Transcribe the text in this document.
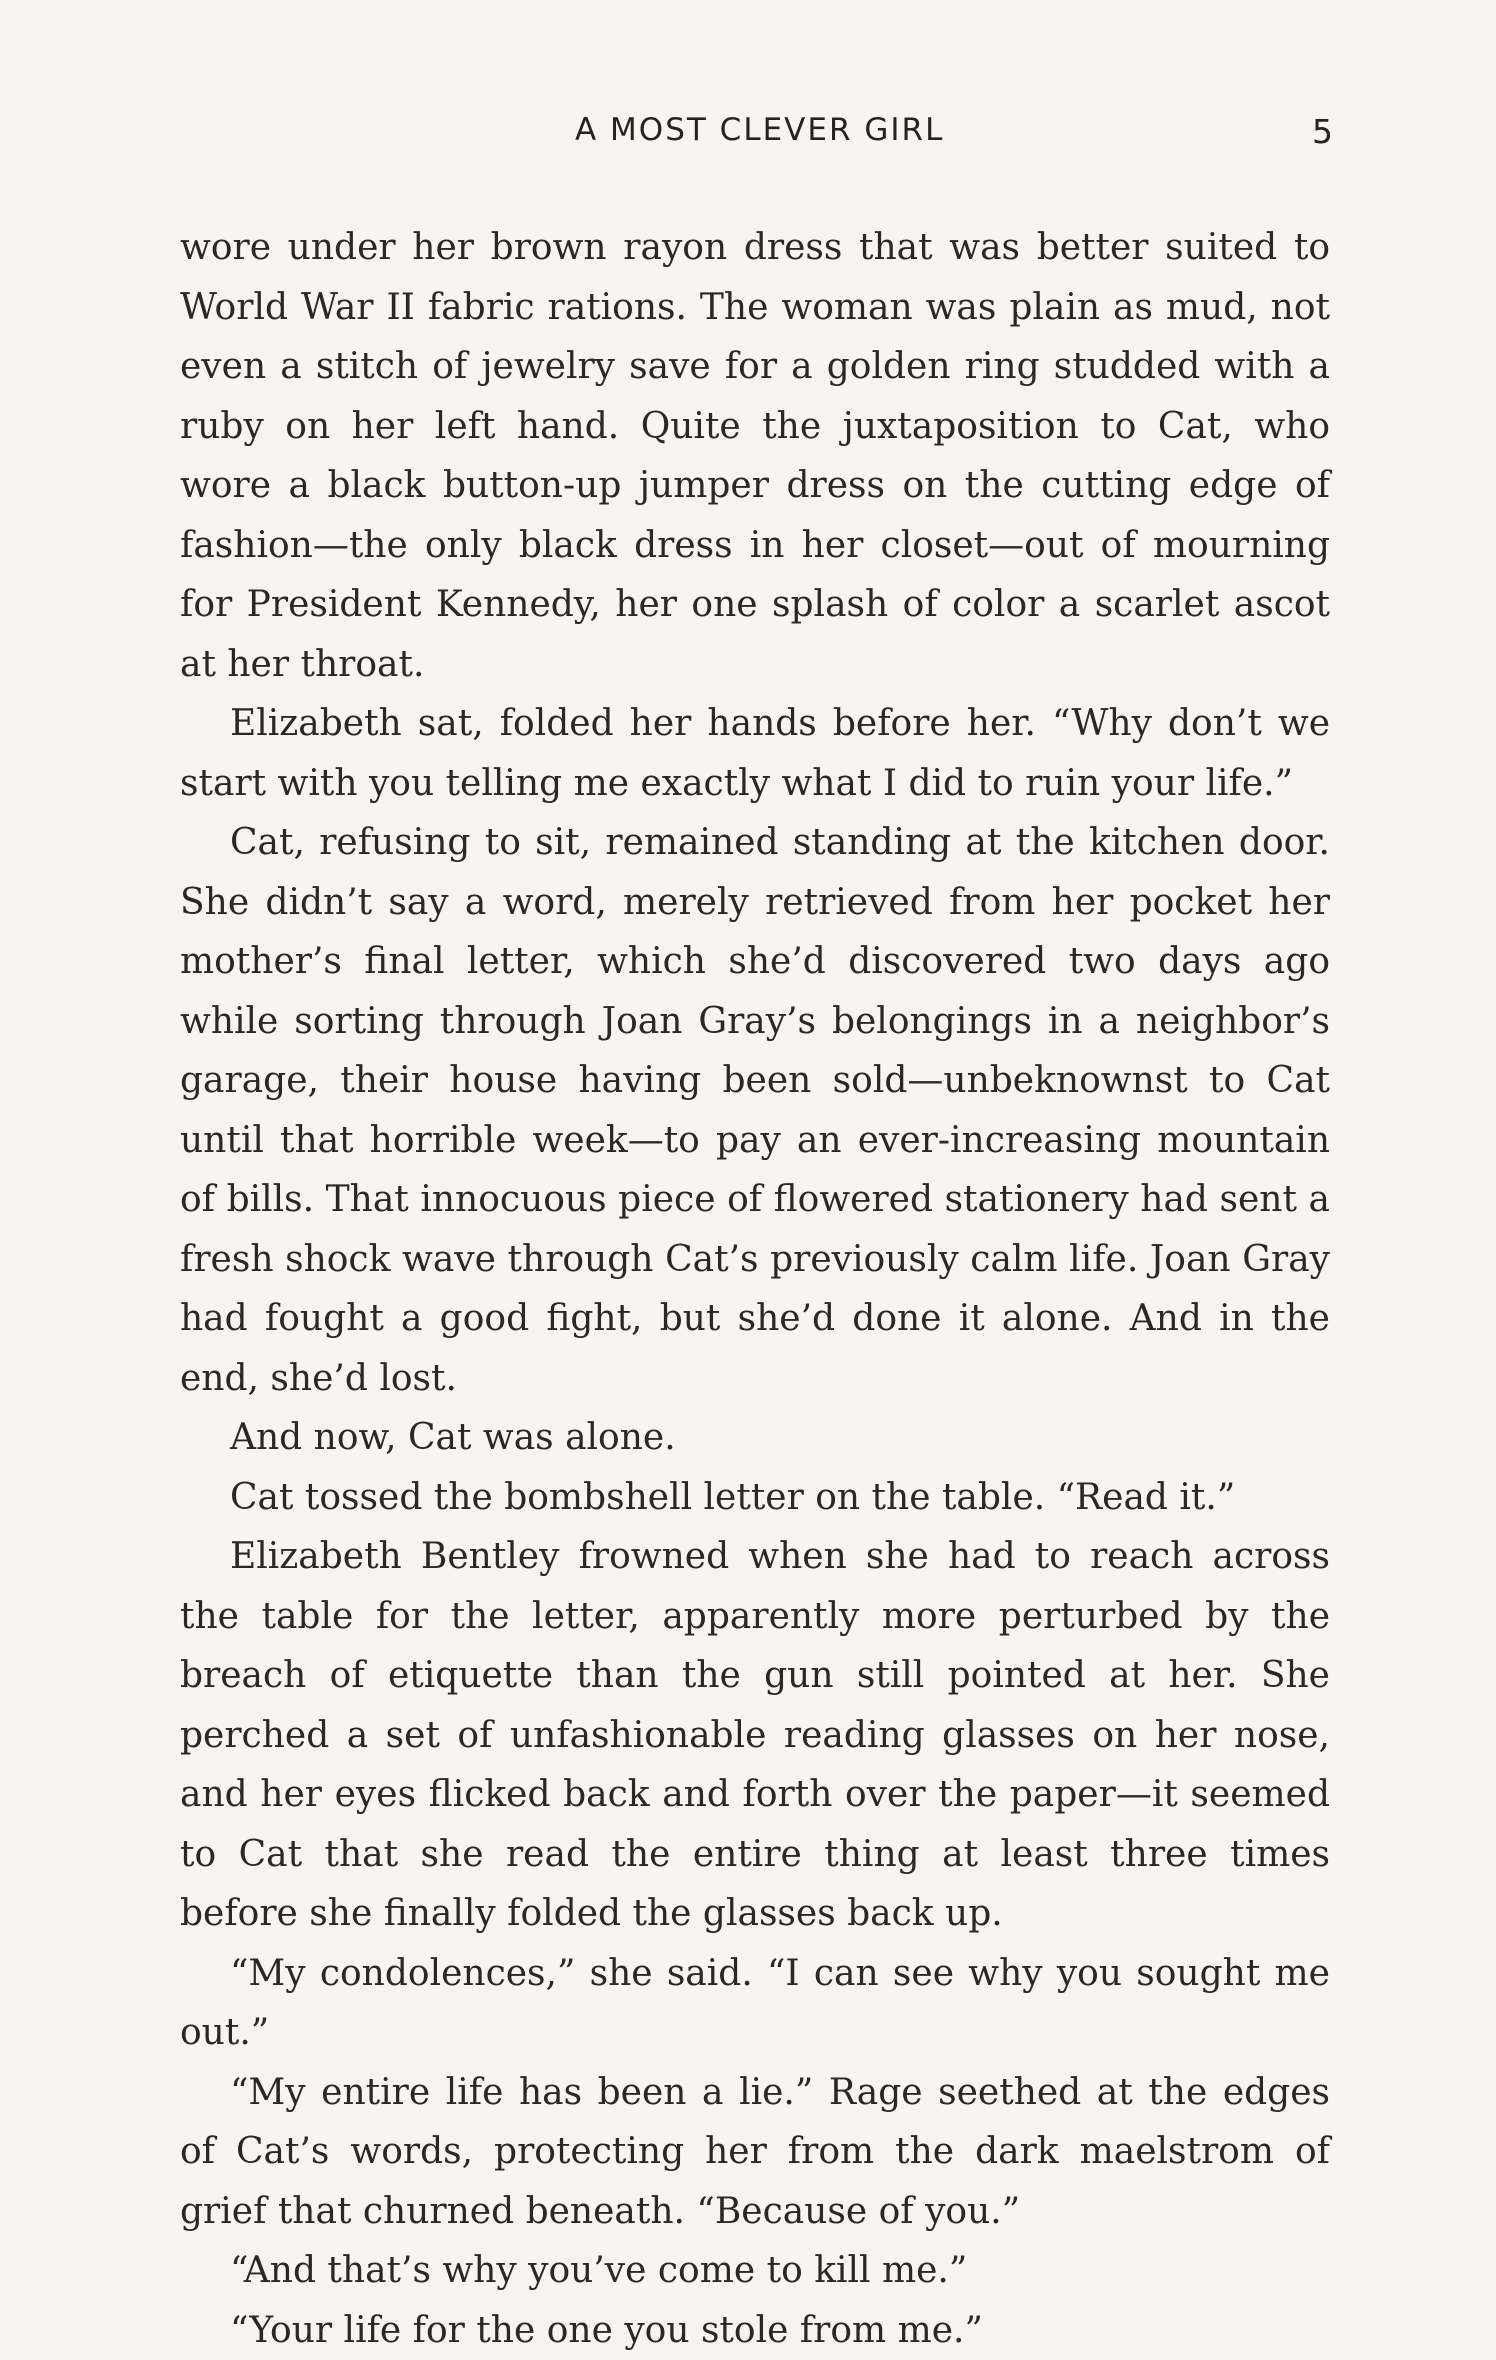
A MOST CLEVER GIRL	5

wore under her brown rayon dress that was better suited to World War II fabric rations. The woman was plain as mud, not even a stitch of jewelry save for a golden ring studded with a ruby on her left hand. Quite the juxtaposition to Cat, who wore a black button-up jumper dress on the cutting edge of fashion—the only black dress in her closet—out of mourning for President Kennedy, her one splash of color a scarlet ascot at her throat.

Elizabeth sat, folded her hands before her. “Why don’t we start with you telling me exactly what I did to ruin your life.”

Cat, refusing to sit, remained standing at the kitchen door. She didn’t say a word, merely retrieved from her pocket her mother’s final letter, which she’d discovered two days ago while sorting through Joan Gray’s belongings in a neighbor’s garage, their house having been sold—unbeknownst to Cat until that horrible week—to pay an ever-increasing mountain of bills. That innocuous piece of flowered stationery had sent a fresh shock wave through Cat’s previously calm life. Joan Gray had fought a good fight, but she’d done it alone. And in the end, she’d lost.

And now, Cat was alone.

Cat tossed the bombshell letter on the table. “Read it.”

Elizabeth Bentley frowned when she had to reach across the table for the letter, apparently more perturbed by the breach of etiquette than the gun still pointed at her. She perched a set of unfashionable reading glasses on her nose, and her eyes flicked back and forth over the paper—it seemed to Cat that she read the entire thing at least three times before she finally folded the glasses back up.

“My condolences,” she said. “I can see why you sought me out.”

“My entire life has been a lie.” Rage seethed at the edges of Cat’s words, protecting her from the dark maelstrom of grief that churned beneath. “Because of you.”

“And that’s why you’ve come to kill me.”

“Your life for the one you stole from me.”
